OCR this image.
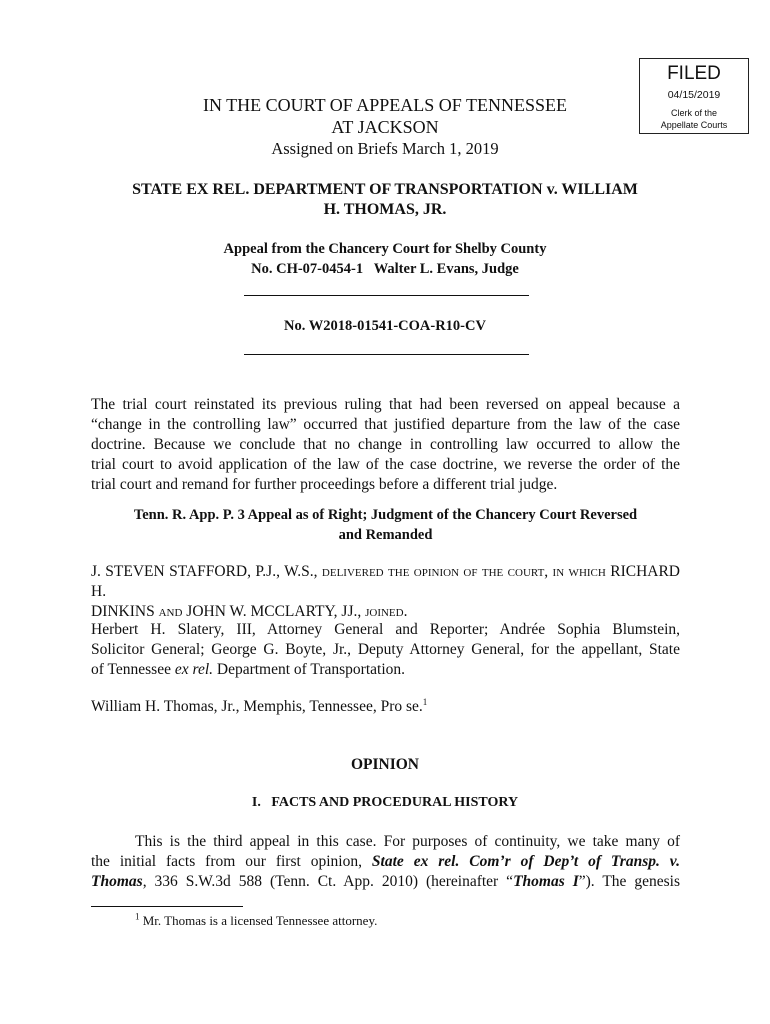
FILED
04/15/2019
Clerk of the
Appellate Courts
IN THE COURT OF APPEALS OF TENNESSEE
AT JACKSON
Assigned on Briefs March 1, 2019
STATE EX REL. DEPARTMENT OF TRANSPORTATION v. WILLIAM
H. THOMAS, JR.
Appeal from the Chancery Court for Shelby County
No. CH-07-0454-1   Walter L. Evans, Judge
No. W2018-01541-COA-R10-CV
The trial court reinstated its previous ruling that had been reversed on appeal because a
“change in the controlling law” occurred that justified departure from the law of the case
doctrine. Because we conclude that no change in controlling law occurred to allow the
trial court to avoid application of the law of the case doctrine, we reverse the order of the
trial court and remand for further proceedings before a different trial judge.
Tenn. R. App. P. 3 Appeal as of Right; Judgment of the Chancery Court Reversed
and Remanded
J. STEVEN STAFFORD, P.J., W.S., delivered the opinion of the court, in which RICHARD H.
DINKINS and JOHN W. MCCLARTY, JJ., joined.
Herbert H. Slatery, III, Attorney General and Reporter; Andrée Sophia Blumstein,
Solicitor General; George G. Boyte, Jr., Deputy Attorney General, for the appellant, State
of Tennessee ex rel. Department of Transportation.
William H. Thomas, Jr., Memphis, Tennessee, Pro se.$^1$
OPINION
I. FACTS AND PROCEDURAL HISTORY
This is the third appeal in this case. For purposes of continuity, we take many of
the initial facts from our first opinion, State ex rel. Com’r of Dep’t of Transp. v.
Thomas, 336 S.W.3d 588 (Tenn. Ct. App. 2010) (hereinafter “Thomas I”). The genesis
$^1$ Mr. Thomas is a licensed Tennessee attorney.
